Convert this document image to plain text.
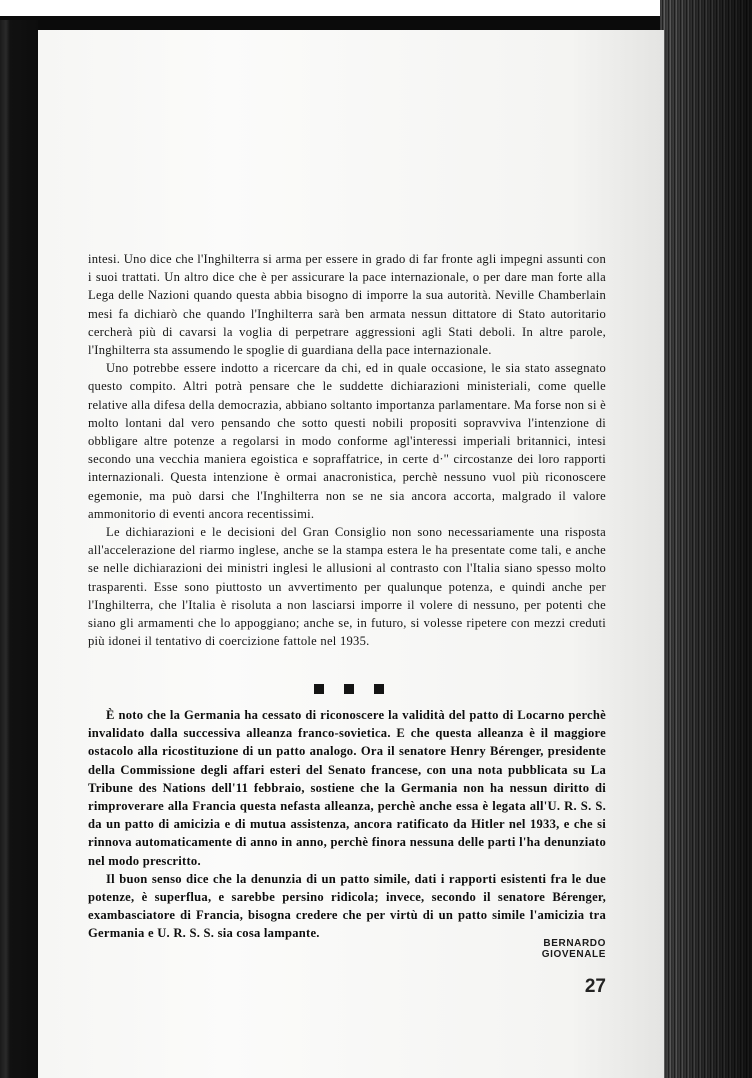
intesi. Uno dice che l'Inghilterra si arma per essere in grado di far fronte agli impegni assunti con i suoi trattati. Un altro dice che è per assicurare la pace internazionale, o per dare man forte alla Lega delle Nazioni quando questa abbia bisogno di imporre la sua autorità. Neville Chamberlain mesi fa dichiarò che quando l'Inghilterra sarà ben armata nessun dittatore di Stato autoritario cercherà più di cavarsi la voglia di perpetrare aggressioni agli Stati deboli. In altre parole, l'Inghilterra sta assumendo le spoglie di guardiana della pace internazionale.

Uno potrebbe essere indotto a ricercare da chi, ed in quale occasione, le sia stato assegnato questo compito. Altri potrà pensare che le suddette dichiarazioni ministeriali, come quelle relative alla difesa della democrazia, abbiano soltanto importanza parlamentare. Ma forse non si è molto lontani dal vero pensando che sotto questi nobili propositi sopravviva l'intenzione di obbligare altre potenze a regolarsi in modo conforme agl'interessi imperiali britannici, intesi secondo una vecchia maniera egoistica e sopraffatrice, in certe d·'' circostanze dei loro rapporti internazionali. Questa intenzione è ormai anacronistica, perchè nessuno vuol più riconoscere egemonie, ma può darsi che l'Inghilterra non se ne sia ancora accorta, malgrado il valore ammonitorio di eventi ancora recentissimi.

Le dichiarazioni e le decisioni del Gran Consiglio non sono necessariamente una risposta all'accelerazione del riarmo inglese, anche se la stampa estera le ha presentate come tali, e anche se nelle dichiarazioni dei ministri inglesi le allusioni al contrasto con l'Italia siano spesso molto trasparenti. Esse sono piuttosto un avvertimento per qualunque potenza, e quindi anche per l'Inghilterra, che l'Italia è risoluta a non lasciarsi imporre il volere di nessuno, per potenti che siano gli armamenti che lo appoggiano; anche se, in futuro, si volesse ripetere con mezzi creduti più idonei il tentativo di coercizione fattole nel 1935.

È noto che la Germania ha cessato di riconoscere la validità del patto di Locarno perchè invalidato dalla successiva alleanza franco-sovietica. E che questa alleanza è il maggiore ostacolo alla ricostituzione di un patto analogo. Ora il senatore Henry Bérenger, presidente della Commissione degli affari esteri del Senato francese, con una nota pubblicata su La Tribune des Nations dell'11 febbraio, sostiene che la Germania non ha nessun diritto di rimproverare alla Francia questa nefasta alleanza, perchè anche essa è legata all'U. R. S. S. da un patto di amicizia e di mutua assistenza, ancora ratificato da Hitler nel 1933, e che si rinnova automaticamente di anno in anno, perchè finora nessuna delle parti l'ha denunziato nel modo prescritto.

Il buon senso dice che la denunzia di un patto simile, dati i rapporti esistenti fra le due potenze, è superflua, e sarebbe persino ridicola; invece, secondo il senatore Bérenger, exambasciatore di Francia, bisogna credere che per virtù di un patto simile l'amicizia tra Germania e U. R. S. S. sia cosa lampante.

BERNARDO GIOVENALE
27
